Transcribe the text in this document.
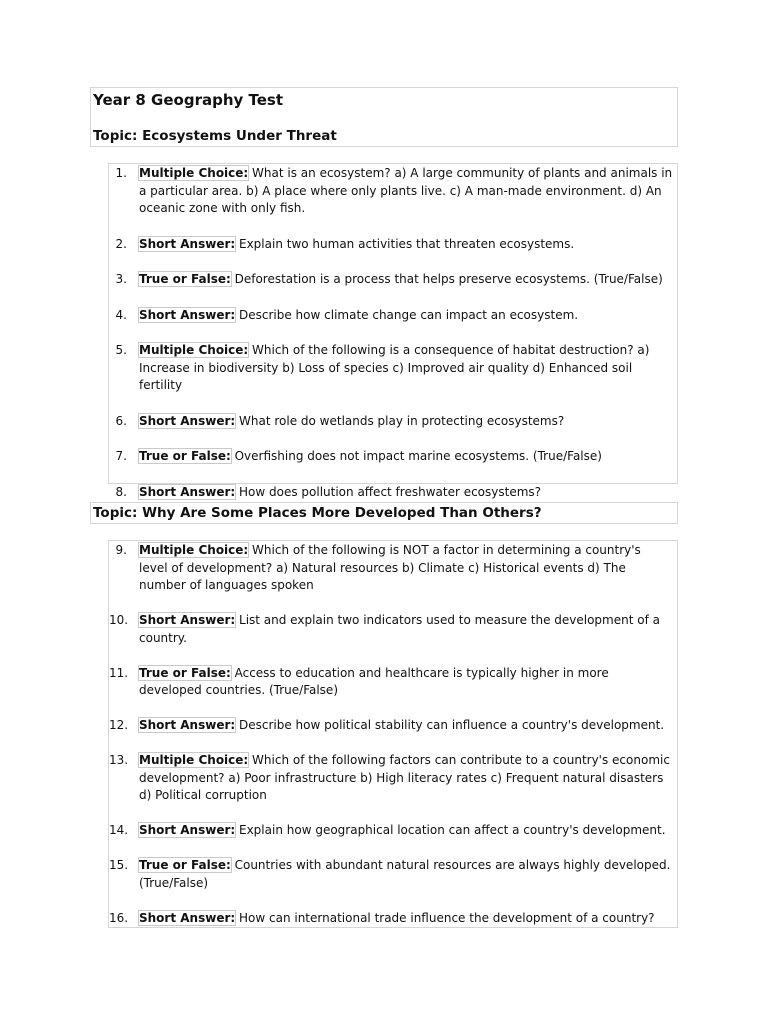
Year 8 Geography Test
Topic: Ecosystems Under Threat
1. Multiple Choice: What is an ecosystem? a) A large community of plants and animals in a particular area. b) A place where only plants live. c) A man-made environment. d) An oceanic zone with only fish.
2. Short Answer: Explain two human activities that threaten ecosystems.
3. True or False: Deforestation is a process that helps preserve ecosystems. (True/False)
4. Short Answer: Describe how climate change can impact an ecosystem.
5. Multiple Choice: Which of the following is a consequence of habitat destruction? a) Increase in biodiversity b) Loss of species c) Improved air quality d) Enhanced soil fertility
6. Short Answer: What role do wetlands play in protecting ecosystems?
7. True or False: Overfishing does not impact marine ecosystems. (True/False)
8. Short Answer: How does pollution affect freshwater ecosystems?
Topic: Why Are Some Places More Developed Than Others?
9. Multiple Choice: Which of the following is NOT a factor in determining a country's level of development? a) Natural resources b) Climate c) Historical events d) The number of languages spoken
10. Short Answer: List and explain two indicators used to measure the development of a country.
11. True or False: Access to education and healthcare is typically higher in more developed countries. (True/False)
12. Short Answer: Describe how political stability can influence a country's development.
13. Multiple Choice: Which of the following factors can contribute to a country's economic development? a) Poor infrastructure b) High literacy rates c) Frequent natural disasters d) Political corruption
14. Short Answer: Explain how geographical location can affect a country's development.
15. True or False: Countries with abundant natural resources are always highly developed. (True/False)
16. Short Answer: How can international trade influence the development of a country?
